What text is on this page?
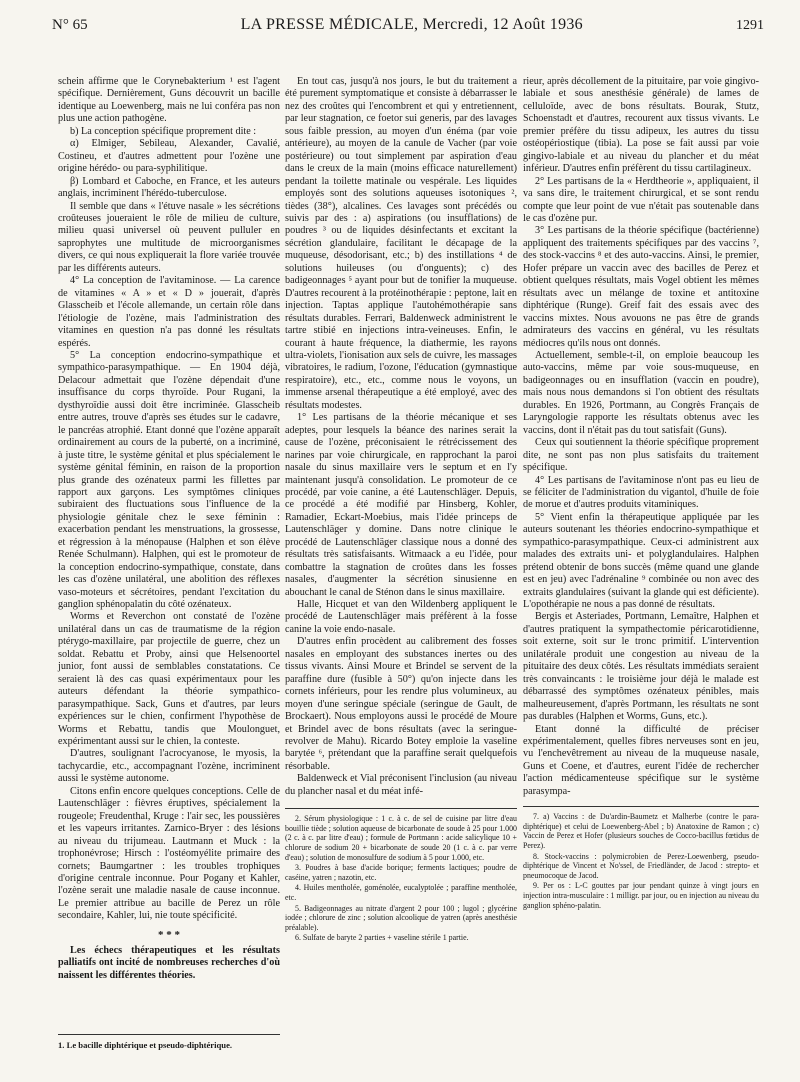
N° 65	LA PRESSE MÉDICALE, Mercredi, 12 Août 1936	1291

schein affirme que le Corynebakterium ¹ est l'agent spécifique. Dernièrement, Guns découvrit un bacille identique au Loewenberg, mais ne lui conféra pas non plus une action pathogène.

b) La conception spécifique proprement dite :

α) Elmiger, Sebileau, Alexander, Cavalié, Costineu, et d'autres admettent pour l'ozène une origine hérédo- ou para-syphilitique.

β) Lombard et Caboche, en France, et les auteurs anglais, incriminent l'hérédo-tuberculose.

Il semble que dans « l'étuve nasale » les sécrétions croûteuses joueraient le rôle de milieu de culture, milieu quasi universel où peuvent pulluler en saprophytes une multitude de microorganismes divers, ce qui nous expliquerait la flore variée trouvée par les différents auteurs.

4° La conception de l'avitaminose. — La carence de vitamines « A » et « D » jouerait, d'après Glasscheib et l'école allemande, un certain rôle dans l'étiologie de l'ozène, mais l'administration des vitamines en question n'a pas donné les résultats espérés.

5° La conception endocrino-sympathique et sympathico-parasympathique. — En 1904 déjà, Delacour admettait que l'ozène dépendait d'une insuffisance du corps thyroïde. Pour Rugani, la dysthyroïdie aussi doit être incriminée. Glasscheib entre autres, trouve d'après ses études sur le cadavre, le pancréas atrophié. Etant donné que l'ozène apparaît ordinairement au cours de la puberté, on a incriminé, à juste titre, le système génital et plus spécialement le système génital féminin, en raison de la proportion plus grande des ozénateux parmi les fillettes par rapport aux garçons. Les symptômes cliniques subiraient des fluctuations sous l'influence de la physiologie génitale chez le sexe féminin : exacerbation pendant les menstruations, la grossesse, et régression à la ménopause (Halphen et son élève Renée Schulmann). Halphen, qui est le promoteur de la conception endocrino-sympathique, constate, dans les cas d'ozène unilatéral, une abolition des réflexes vaso-moteurs et sécrétoires, pendant l'excitation du ganglion sphénopalatin du côté ozénateux.

Worms et Reverchon ont constaté de l'ozène unilatéral dans un cas de traumatisme de la région ptérygo-maxillaire, par projectile de guerre, chez un soldat. Rebattu et Proby, ainsi que Helsenoortel junior, font aussi de semblables constatations. Ce seraient là des cas quasi expérimentaux pour les auteurs défendant la théorie sympathico-parasympathique. Sack, Guns et d'autres, par leurs expériences sur le chien, confirment l'hypothèse de Worms et Rebattu, tandis que Moulonguet, expérimentant aussi sur le chien, la conteste.

D'autres, soulignant l'acrocyanose, le myosis, la tachycardie, etc., accompagnant l'ozène, incriminent aussi le système autonome.

Citons enfin encore quelques conceptions. Celle de Lautenschläger : fièvres éruptives, spécialement la rougeole; Freudenthal, Kruge : l'air sec, les poussières et les vapeurs irritantes. Zarnico-Bryer : des lésions au niveau du trijumeau. Lautmann et Muck : la trophonévrose; Hirsch : l'ostéomyélite primaire des cornets; Baumgartner : les troubles trophiques d'origine centrale inconnue. Pour Pogany et Kahler, l'ozène serait une maladie nasale de cause inconnue. Le premier attribue au bacille de Perez un rôle secondaire, Kahler, lui, nie toute spécificité.

* * *

Les échecs thérapeutiques et les résultats palliatifs ont incité de nombreuses recherches d'où naissent les différentes théories.

1. Le bacille diphtérique et pseudo-diphtérique.

En tout cas, jusqu'à nos jours, le but du traitement a été purement symptomatique et consiste à débarrasser le nez des croûtes qui l'encombrent et qui y entretiennent, par leur stagnation, ce foetor sui generis, par des lavages sous faible pression, au moyen d'un énéma (par voie antérieure), au moyen de la canule de Vacher (par voie postérieure) ou tout simplement par aspiration d'eau dans le creux de la main (moins efficace naturellement) pendant la toilette matinale ou vespérale. Les liquides employés sont des solutions aqueuses isotoniques ², tièdes (38°), alcalines. Ces lavages sont précédés ou suivis par des : a) aspirations (ou insufflations) de poudres ³ ou de liquides désinfectants et excitant la sécrétion glandulaire, facilitant le décapage de la muqueuse, désodorisant, etc.; b) des instillations ⁴ de solutions huileuses (ou d'onguents); c) des badigeonnages ⁵ ayant pour but de tonifier la muqueuse. D'autres recourent à la protéinothérapie : peptone, lait en injection. Taptas applique l'autohémothérapie sans résultats durables. Ferrari, Baldenweck administrent le tartre stibié en injections intra-veineuses. Enfin, le courant à haute fréquence, la diathermie, les rayons ultra-violets, l'ionisation aux sels de cuivre, les massages vibratoires, le radium, l'ozone, l'éducation (gymnastique respiratoire), etc., etc., comme nous le voyons, un immense arsenal thérapeutique a été employé, avec des résultats modestes.

1° Les partisans de la théorie mécanique et ses adeptes, pour lesquels la béance des narines serait la cause de l'ozène, préconisaient le rétrécissement des narines par voie chirurgicale, en rapprochant la paroi nasale du sinus maxillaire vers le septum et en l'y maintenant jusqu'à consolidation. Le promoteur de ce procédé, par voie canine, a été Lautenschläger. Depuis, ce procédé a été modifié par Hinsberg, Kohler, Ramadier, Eckart-Moebius, mais l'idée princeps de Lautenschläger y domine. Dans notre clinique le procédé de Lautenschläger classique nous a donné des résultats très satisfaisants. Witmaack a eu l'idée, pour combattre la stagnation de croûtes dans les fosses nasales, d'augmenter la sécrétion sinusienne en abouchant le canal de Sténon dans le sinus maxillaire.

Halle, Hicquet et van den Wildenberg appliquent le procédé de Lautenschläger mais préfèrent à la fosse canine la voie endo-nasale.

D'autres enfin procèdent au calibrement des fosses nasales en employant des substances inertes ou des tissus vivants. Ainsi Moure et Brindel se servent de la paraffine dure (fusible à 50°) qu'on injecte dans les cornets inférieurs, pour les rendre plus volumineux, au moyen d'une seringue spéciale (seringue de Gault, de Brockaert). Nous employons aussi le procédé de Moure et Brindel avec de bons résultats (avec la seringue-revolver de Mahu). Ricardo Botey emploie la vaseline barytée ⁶, prétendant que la paraffine serait quelquefois résorbable.

Baldenweck et Vial préconisent l'inclusion (au niveau du plancher nasal et du méat infé-

2. Sérum physiologique : 1 c. à c. de sel de cuisine par litre d'eau bouillie tiède ; solution aqueuse de bicarbonate de soude à 25 pour 1.000 (2 c. à c. par litre d'eau) ; formule de Portmann : acide salicylique 10 + chlorure de sodium 20 + bicarbonate de soude 20 (1 c. à c. par verre d'eau) ; solution de monosulfure de sodium à 5 pour 1.000, etc.

3. Poudres à base d'acide borique; ferments lactiques; poudre de caséine, yatren ; nazotin, etc.

4. Huiles mentholée, goménolée, eucalyptolée ; paraffine mentholée, etc.

5. Badigeonnages au nitrate d'argent 2 pour 100 ; lugol ; glycérine iodée ; chlorure de zinc ; solution alcoolique de yatren (après anesthésie préalable).

6. Sulfate de baryte 2 parties + vaseline stérile 1 partie.

rieur, après décollement de la pituitaire, par voie gingivo-labiale et sous anesthésie générale) de lames de celluloïde, avec de bons résultats. Bourak, Stutz, Schoenstadt et d'autres, recourent aux tissus vivants. Le premier préfère du tissu adipeux, les autres du tissu ostéopériostique (tibia). La pose se fait aussi par voie gingivo-labiale et au niveau du plancher et du méat inférieur. D'autres enfin préfèrent du tissu cartilagineux.

2° Les partisans de la « Herdtheorie », appliquaient, il va sans dire, le traitement chirurgical, et se sont rendu compte que leur point de vue n'était pas soutenable dans le cas d'ozène pur.

3° Les partisans de la théorie spécifique (bactérienne) appliquent des traitements spécifiques par des vaccins ⁷, des stock-vaccins ⁸ et des auto-vaccins. Ainsi, le premier, Hofer prépare un vaccin avec des bacilles de Perez et obtient quelques résultats, mais Vogel obtient les mêmes résultats avec un mélange de toxine et antitoxine diphtérique (Runge). Greif fait des essais avec des vaccins mixtes. Nous avouons ne pas être de grands admirateurs des vaccins en général, vu les résultats médiocres qu'ils nous ont donnés.

Actuellement, semble-t-il, on emploie beaucoup les auto-vaccins, même par voie sous-muqueuse, en badigeonnages ou en insufflation (vaccin en poudre), mais nous nous demandons si l'on obtient des résultats durables. En 1926, Portmann, au Congrès Français de Laryngologie rapporte les résultats obtenus avec les vaccins, dont il n'était pas du tout satisfait (Guns).

Ceux qui soutiennent la théorie spécifique proprement dite, ne sont pas non plus satisfaits du traitement spécifique.

4° Les partisans de l'avitaminose n'ont pas eu lieu de se féliciter de l'administration du vigantol, d'huile de foie de morue et d'autres produits vitaminiques.

5° Vient enfin la thérapeutique appliquée par les auteurs soutenant les théories endocrino-sympathique et sympathico-parasympathique. Ceux-ci administrent aux malades des extraits uni- et polyglandulaires. Halphen prétend obtenir de bons succès (même quand une glande est en jeu) avec l'adrénaline ⁹ combinée ou non avec des extraits glandulaires (suivant la glande qui est déficiente). L'opothérapie ne nous a pas donné de résultats.

Bergis et Asteriades, Portmann, Lemaître, Halphen et d'autres pratiquent la sympathectomie péricarotidienne, soit externe, soit sur le tronc primitif. L'intervention unilatérale produit une congestion au niveau de la pituitaire des deux côtés. Les résultats immédiats seraient très convaincants : le troisième jour déjà le malade est débarrassé des symptômes ozénateux pénibles, mais malheureusement, d'après Portmann, les résultats ne sont pas durables (Halphen et Worms, Guns, etc.).

Etant donné la difficulté de préciser expérimentalement, quelles fibres nerveuses sont en jeu, vu l'enchevêtrement au niveau de la muqueuse nasale, Guns et Coene, et d'autres, eurent l'idée de rechercher l'action médicamenteuse spécifique sur le système parasympa-

7. a) Vaccins : de Du'ardin-Baumetz et Malherbe (contre le para-diphtérique) et celui de Loewenberg-Abel ; b) Anatoxine de Ramon ; c) Vaccin de Perez et Hofer (plusieurs souches de Cocco-bacillus fœtidus de Perez).

8. Stock-vaccins : polymicrobien de Perez-Loewenberg, pseudo-diphtérique de Vincent et No'ssel, de Friedländer, de Jacod : strepto- et pneumocoque de Jacod.

9. Per os : L-C gouttes par jour pendant quinze à vingt jours en injection intra-musculaire : 1 milligr. par jour, ou en injection au niveau du ganglion sphéno-palatin.
